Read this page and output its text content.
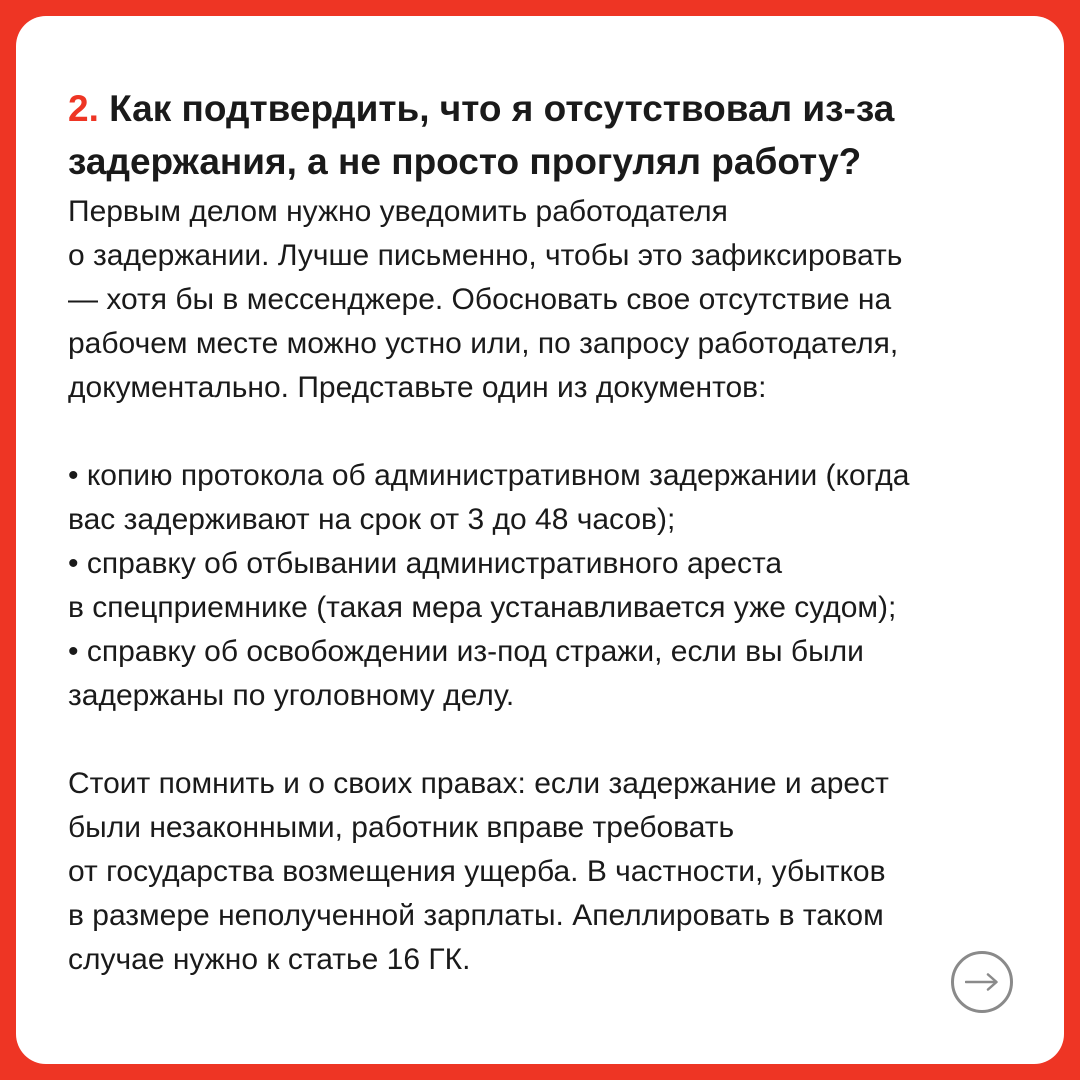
2. Как подтвердить, что я отсутствовал из-за задержания, а не просто прогулял работу?
Первым делом нужно уведомить работодателя
о задержании. Лучше письменно, чтобы это зафиксировать
— хотя бы в мессенджере. Обосновать свое отсутствие на
рабочем месте можно устно или, по запросу работодателя,
документально. Представьте один из документов:
• копию протокола об административном задержании (когда
вас задерживают на срок от 3 до 48 часов);
• справку об отбывании административного ареста
в спецприемнике (такая мера устанавливается уже судом);
• справку об освобождении из-под стражи, если вы были
задержаны по уголовному делу.
Стоит помнить и о своих правах: если задержание и арест
были незаконными, работник вправе требовать
от государства возмещения ущерба. В частности, убытков
в размере неполученной зарплаты. Апеллировать в таком
случае нужно к статье 16 ГК.
